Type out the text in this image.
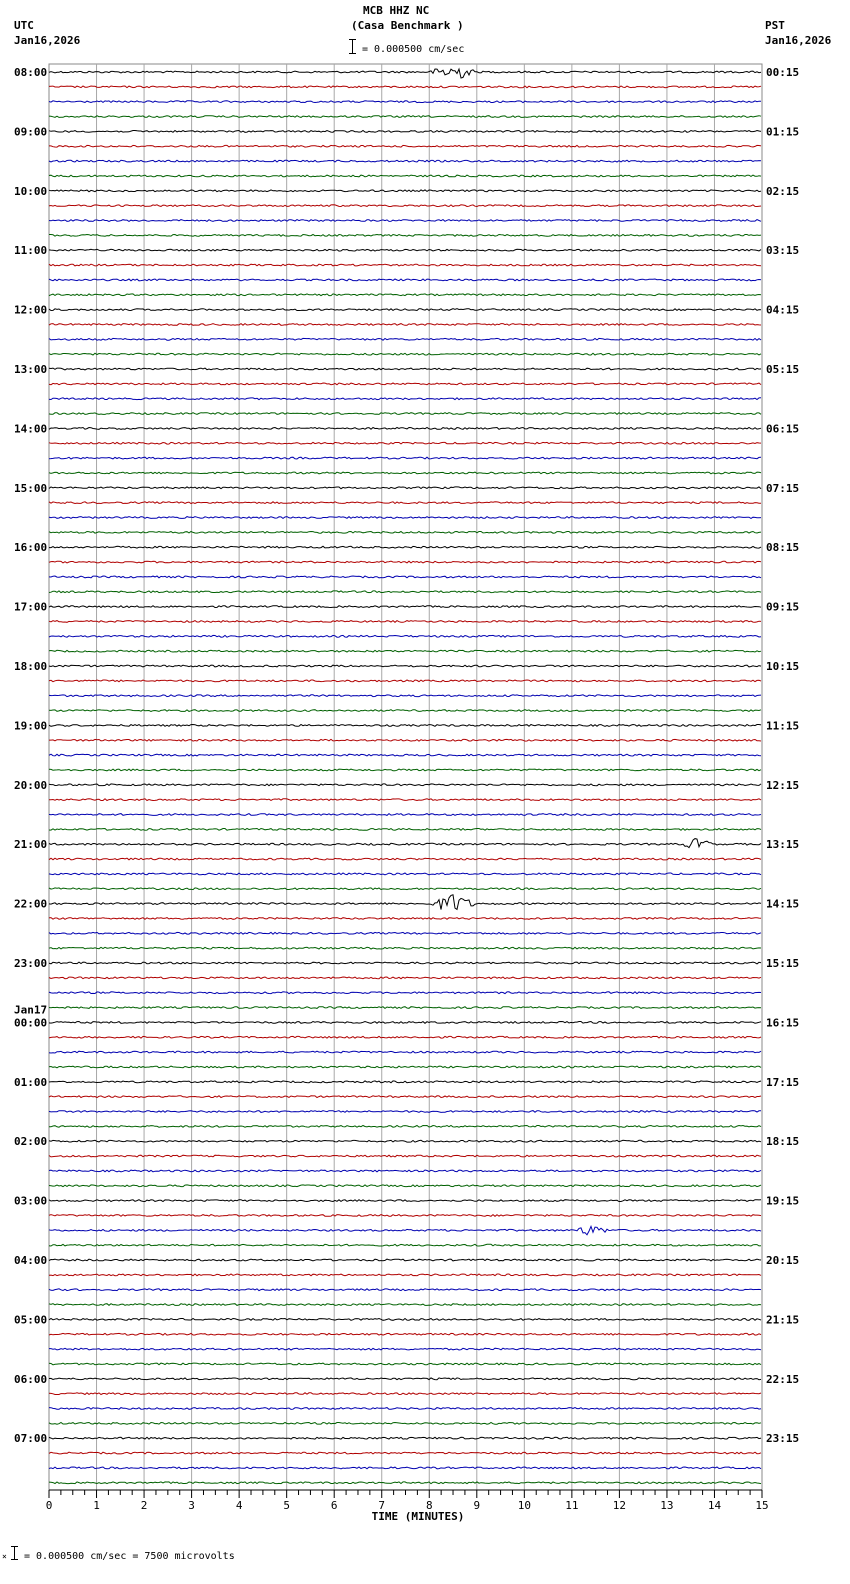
MCB HHZ NC
(Casa Benchmark )
= 0.000500 cm/sec
UTC
Jan16,2026
PST
Jan16,2026
08:00
09:00
10:00
11:00
12:00
13:00
14:00
15:00
16:00
17:00
18:00
19:00
20:00
21:00
22:00
23:00
00:00
Jan17
01:00
02:00
03:00
04:00
05:00
06:00
07:00
00:15
01:15
02:15
03:15
04:15
05:15
06:15
07:15
08:15
09:15
10:15
11:15
12:15
13:15
14:15
15:15
16:15
17:15
18:15
19:15
20:15
21:15
22:15
23:15
0	1	2	3	4	5	6	7	8	9	10	11	12	13	14	15
TIME (MINUTES)
× = 0.000500 cm/sec = 7500 microvolts
